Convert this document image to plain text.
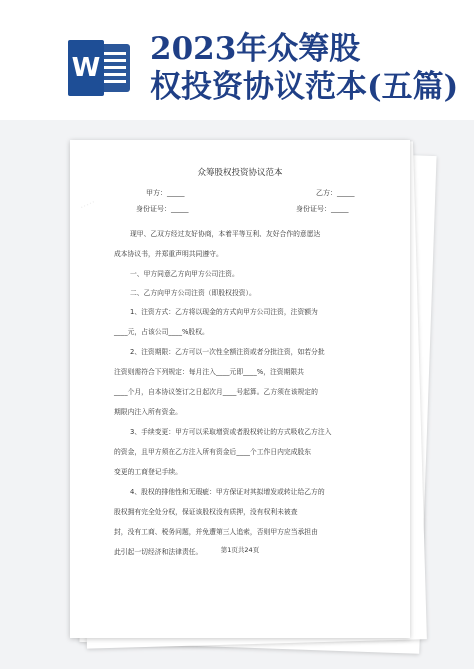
W
2023年众筹股
权投资协议范本(五篇)
众筹股权投资协议范本
甲方：_____	乙方：_____
身份证号：_____	身份证号：_____
现甲、乙双方经过友好协商，本着平等互利、友好合作的意愿达
成本协议书，并郑重声明共同遵守。
一、甲方同意乙方向甲方公司注资。
二、乙方向甲方公司注资（即股权投资）。
1、注资方式：乙方将以现金的方式向甲方公司注资，注资额为
____元，占该公司____%股权。
2、注资期限：乙方可以一次性全额注资或者分批注资，如若分批
注资则需符合下列规定：每月注入____元即____%，注资期限共
____个月，自本协议签订之日起次月____号起算。乙方须在该规定的
期限内注入所有资金。
3、手续变更：甲方可以采取增资或者股权转让的方式吸收乙方注入
的资金，且甲方须在乙方注入所有资金后____个工作日内完成股东
变更的工商登记手续。
4、股权的排他性和无瑕疵：甲方保证对其拟增发或转让给乙方的
股权拥有完全处分权，保证该股权没有质押，没有权利未被查
封，没有工商、税务问题，并免遭第三人追索，否则甲方应当承担由
此引起一切经济和法律责任。	第1页共24页
·····
